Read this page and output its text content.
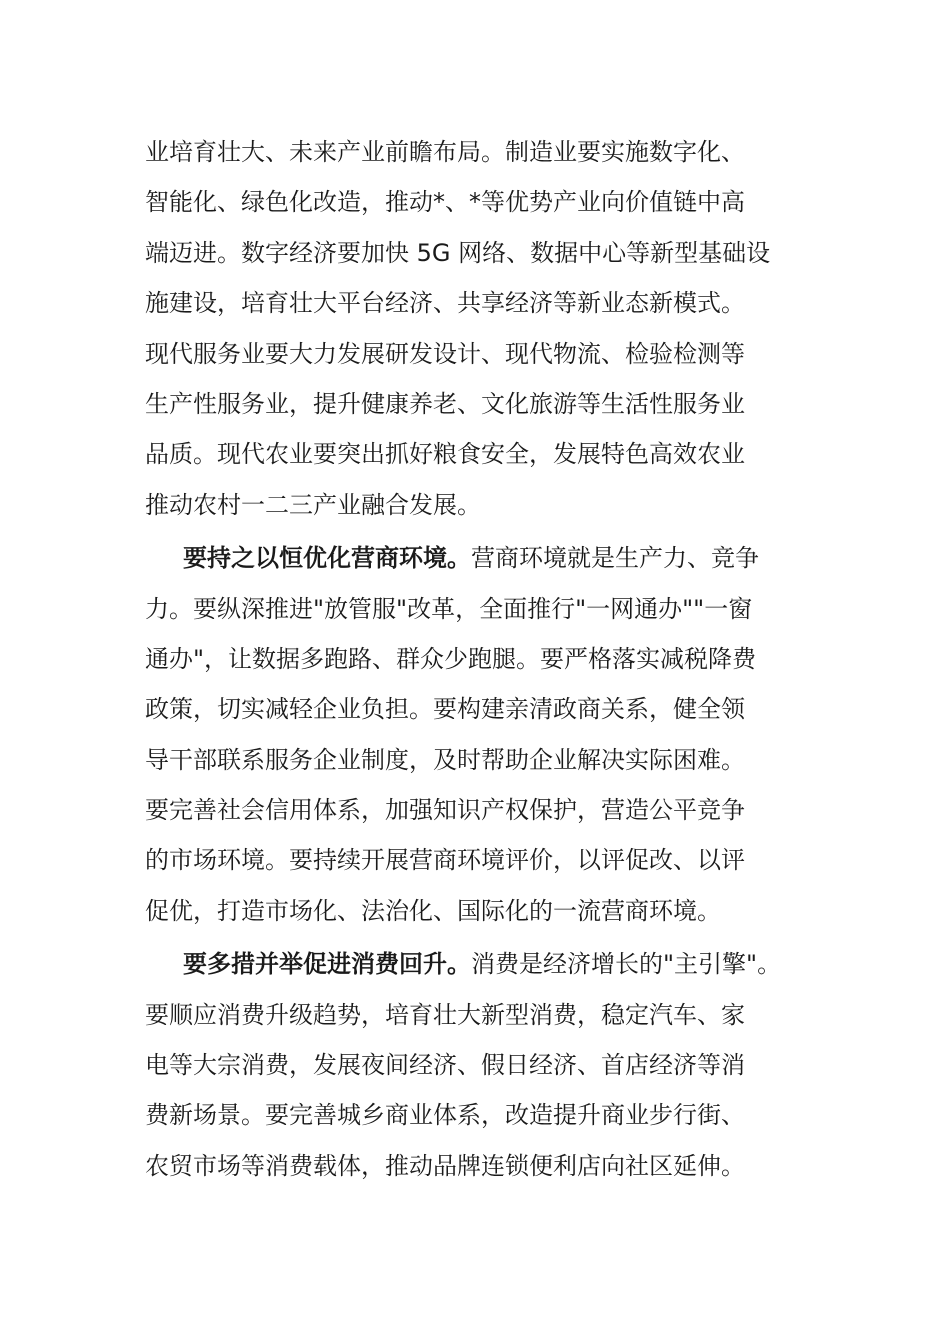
业培育壮大、未来产业前瞻布局。制造业要实施数字化、
智能化、绿色化改造，推动*、*等优势产业向价值链中高
端迈进。数字经济要加快 5G 网络、数据中心等新型基础设
施建设，培育壮大平台经济、共享经济等新业态新模式。
现代服务业要大力发展研发设计、现代物流、检验检测等
生产性服务业，提升健康养老、文化旅游等生活性服务业
品质。现代农业要突出抓好粮食安全，发展特色高效农业
推动农村一二三产业融合发展。
要持之以恒优化营商环境。营商环境就是生产力、竞争
力。要纵深推进"放管服"改革，全面推行"一网通办""一窗
通办"，让数据多跑路、群众少跑腿。要严格落实减税降费
政策，切实减轻企业负担。要构建亲清政商关系，健全领
导干部联系服务企业制度，及时帮助企业解决实际困难。
要完善社会信用体系，加强知识产权保护，营造公平竞争
的市场环境。要持续开展营商环境评价，以评促改、以评
促优，打造市场化、法治化、国际化的一流营商环境。
要多措并举促进消费回升。消费是经济增长的"主引擎"。
要顺应消费升级趋势，培育壮大新型消费，稳定汽车、家
电等大宗消费，发展夜间经济、假日经济、首店经济等消
费新场景。要完善城乡商业体系，改造提升商业步行街、
农贸市场等消费载体，推动品牌连锁便利店向社区延伸。
